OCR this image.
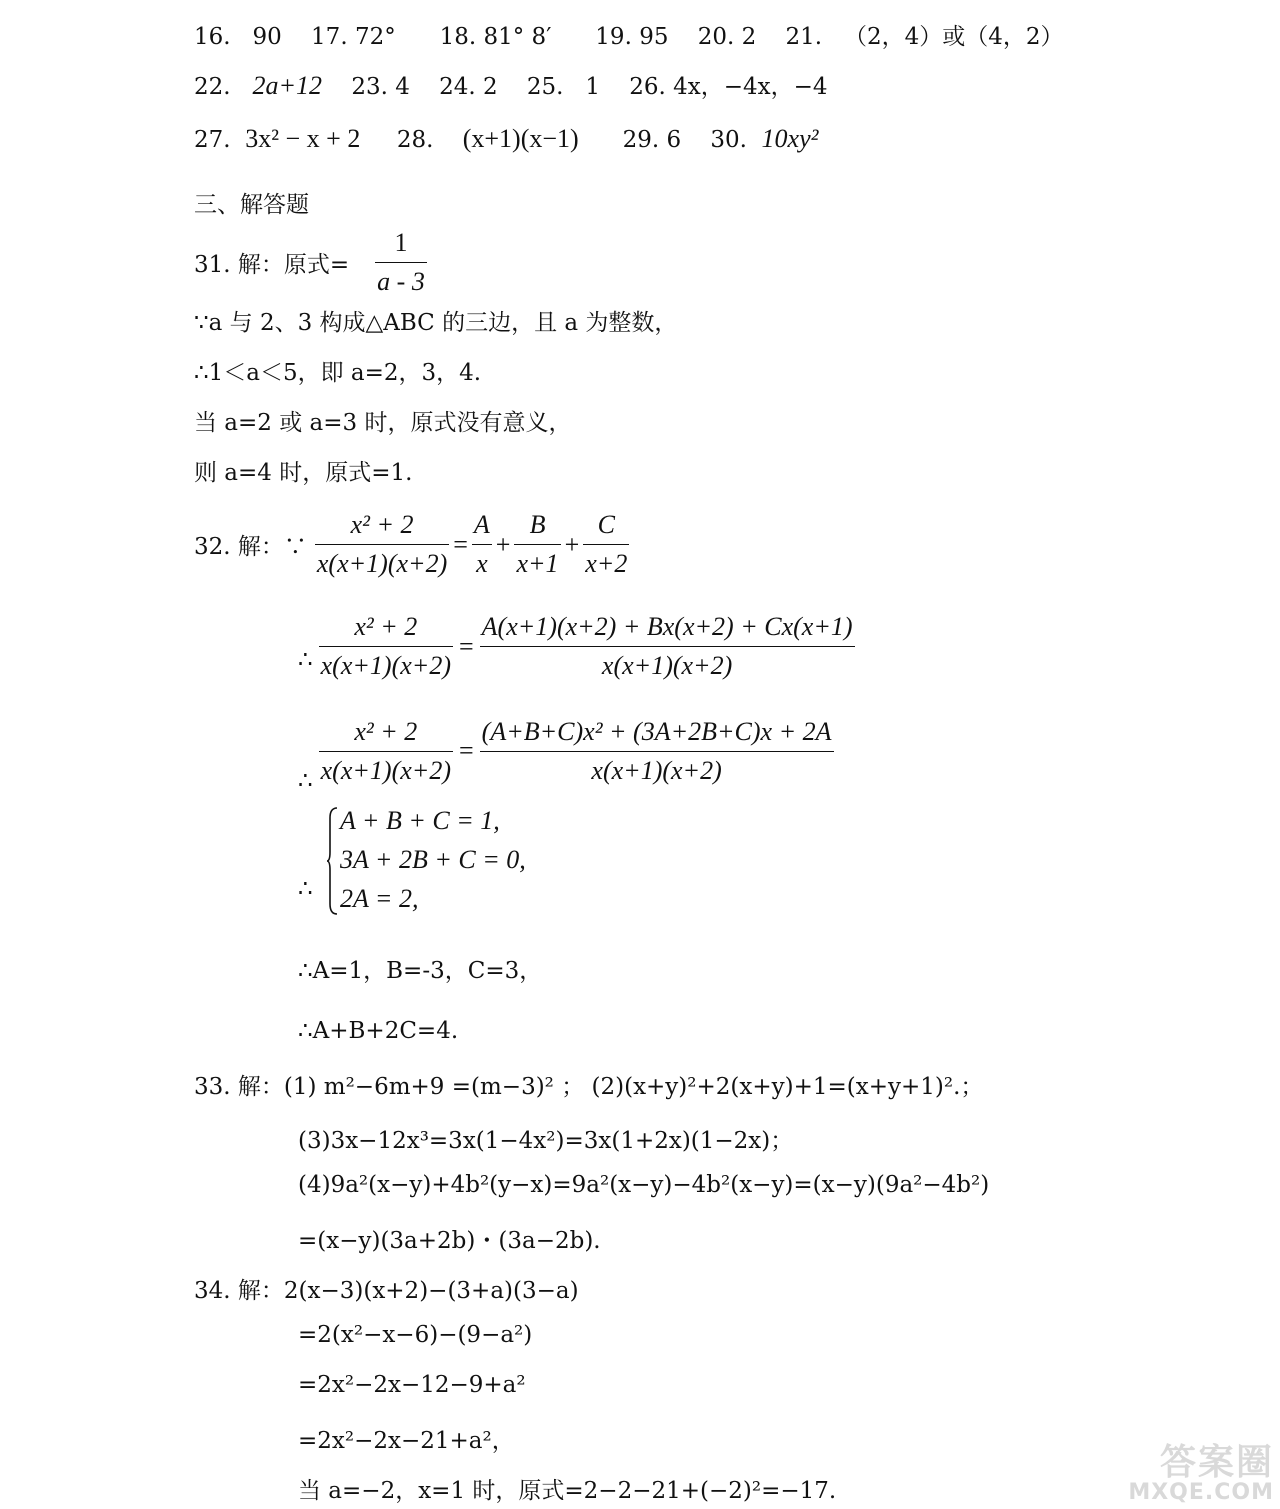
16. 90 17. 72° 18. 81° 8′ 19. 95 20. 2 21. （2，4）或（4，2）
22. 2a+12 23. 4 24. 2 25. 1 26. 4x，−4x，−4
27. 3x² − x + 2 28. (x+1)(x−1) 29. 6 30. 10xy²
三、解答题
31. 解：原式= $\frac{1}{a - 3}$
∵a 与 2、3 构成△ABC 的三边，且 a 为整数，
∴1＜a＜5，即 a=2，3，4.
当 a=2 或 a=3 时，原式没有意义，
则 a=4 时，原式=1.
32. 解：∵ $\frac{\text{x² + 2}}{x(x+1)(x+2)} = \frac{A}{x} + \frac{B}{x+1} + \frac{C}{x+2}$
∴ $\frac{\text{x² + 2}}{x(x+1)(x+2)} = \frac{A(x+1)(x+2) + Bx(x+2) + Cx(x+1)}{x(x+1)(x+2)}$
∴ $\frac{\text{x² + 2}}{x(x+1)(x+2)} = \frac{\text{(A+B+C)x² + (3A+2B+C)x + 2A}}{x(x+1)(x+2)}$
∴
A + B + C = 1,
3A + 2B + C = 0,
2A = 2,
∴A=1，B=-3，C=3，
∴A+B+2C=4.
33. 解：(1) m²−6m+9 =(m−3)² ； (2)(x+y)²+2(x+y)+1=(x+y+1)².；
(3)3x−12x³=3x(1−4x²)=3x(1+2x)(1−2x)；
(4)9a²(x−y)+4b²(y−x)=9a²(x−y)−4b²(x−y)=(x−y)(9a²−4b²)
=(x−y)(3a+2b)・(3a−2b).
34. 解：2(x−3)(x+2)−(3+a)(3−a)
=2(x²−x−6)−(9−a²)
=2x²−2x−12−9+a²
=2x²−2x−21+a²，
当 a=−2，x=1 时，原式=2−2−21+(−2)²=−17.
答案圈
MXQE.COM
